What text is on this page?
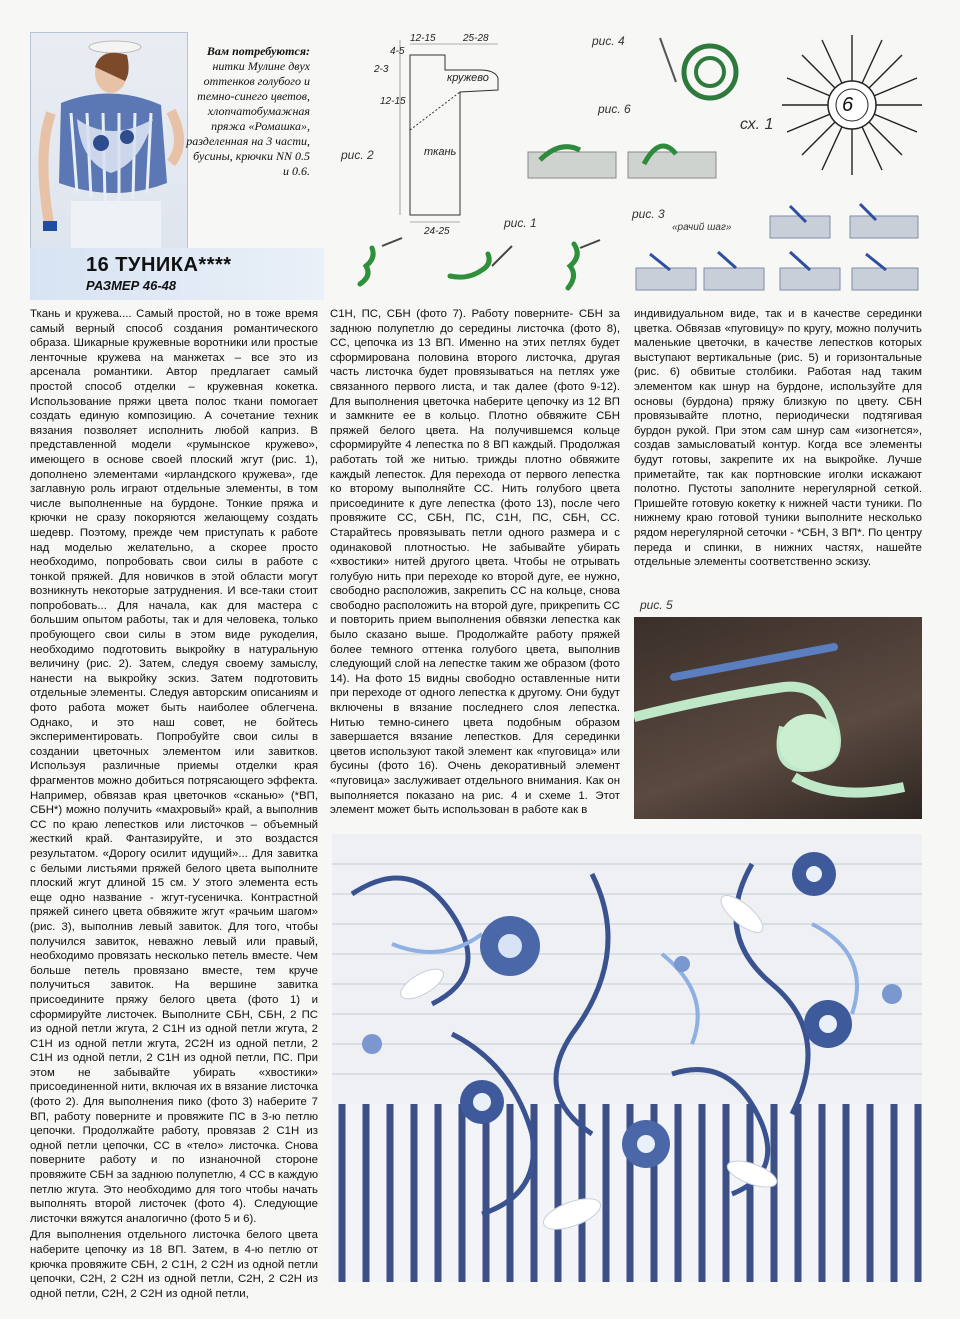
Вам потребуются:
нитки Мулине двух оттенков голубого и темно-синего цветов, хлопчатобумажная пряжа «Ромашка», разделенная на 3 части, бусины, крючки NN 0.5 и 0.6.
16 ТУНИКА****
РАЗМЕР 46-48
12-15	25-28
2-3
4-5
12-15
кружево
ткань
24-25
рис. 2
рис. 1
рис. 4
6
сх. 1
рис. 6
рис. 3
«рачий шаг»

Ткань и кружева.... Самый простой, но в тоже время самый верный способ создания романтического образа. Шикарные кружевные воротники или простые ленточные кружева на манжетах – все это из арсенала романтики. Автор предлагает самый простой способ отделки – кружевная кокетка. Использование пряжи цвета полос ткани помогает создать единую композицию. А сочетание техник вязания позволяет исполнить любой каприз. В представленной модели «румынское кружево», имеющего в основе своей плоский жгут (рис. 1), дополнено элементами «ирландского кружева», где заглавную роль играют отдельные элементы, в том числе выполненные на бурдоне. Тонкие пряжа и крючки не сразу покоряются желающему создать шедевр. Поэтому, прежде чем приступать к работе над моделью желательно, а скорее просто необходимо, попробовать свои силы в работе с тонкой пряжей. Для новичков в этой области могут возникнуть некоторые затруднения. И все-таки стоит попробовать... Для начала, как для мастера с большим опытом работы, так и для человека, только пробующего свои силы в этом виде рукоделия, необходимо подготовить выкройку в натуральную величину (рис. 2). Затем, следуя своему замыслу, нанести на выкройку эскиз. Затем подготовить отдельные элементы. Следуя авторским описаниям и фото работа может быть наиболее облегчена. Однако, и это наш совет, не бойтесь экспериментировать. Попробуйте свои силы в создании цветочных элементом или завитков. Используя различные приемы отделки края фрагментов можно добиться потрясающего эффекта. Например, обвязав края цветочков «сканью» (*ВП, СБН*) можно получить «махровый» край, а выполнив СС по краю лепестков или листочков – объемный жесткий край. Фантазируйте, и это воздастся результатом. «Дорогу осилит идущий»... Для завитка с белыми листьями пряжей белого цвета выполните плоский жгут длиной 15 см. У этого элемента есть еще одно название - жгут-гусеничка. Контрастной пряжей синего цвета обвяжите жгут «рачьим шагом» (рис. 3), выполнив левый завиток. Для того, чтобы получился завиток, неважно левый или правый, необходимо провязать несколько петель вместе. Чем больше петель провязано вместе, тем круче получиться завиток. На вершине завитка присоедините пряжу белого цвета (фото 1) и сформируйте листочек. Выполните СБН, СБН, 2 ПС из одной петли жгута, 2 С1Н из одной петли жгута, 2 С1Н из одной петли жгута, 2С2Н из одной петли, 2 С1Н из одной петли, 2 С1Н из одной петли, ПС. При этом не забывайте убирать «хвостики» присоединенной нити, включая их в вязание листочка (фото 2). Для выполнения пико (фото 3) наберите 7 ВП, работу поверните и провяжите ПС в 3-ю петлю цепочки. Продолжайте работу, провязав 2 С1Н из одной петли цепочки, СС в «тело» листочка. Снова поверните работу и по изнаночной стороне провяжите СБН за заднюю полупетлю, 4 СС в каждую петлю жгута. Это необходимо для того чтобы начать выполнять второй листочек (фото 4). Следующие листочки вяжутся аналогично (фото 5 и 6).

Для выполнения отдельного листочка белого цвета наберите цепочку из 18 ВП. Затем, в 4-ю петлю от крючка провяжите СБН, 2 С1Н, 2 С2Н из одной петли цепочки, С2Н, 2 С2Н из одной петли, С2Н, 2 С2Н из одной петли, С2Н, 2 С2Н из одной петли,

С1Н, ПС, СБН (фото 7). Работу поверните- СБН за заднюю полупетлю до середины листочка (фото 8), СС, цепочка из 13 ВП. Именно на этих петлях будет сформирована половина второго листочка, другая часть листочка будет провязываться на петлях уже связанного первого листа, и так далее (фото 9-12). Для выполнения цветочка наберите цепочку из 12 ВП и замкните ее в кольцо. Плотно обвяжите СБН пряжей белого цвета. На получившемся кольце сформируйте 4 лепестка по 8 ВП каждый. Продолжая работать той же нитью. трижды плотно обвяжите каждый лепесток. Для перехода от первого лепестка ко второму выполняйте СС. Нить голубого цвета присоедините к дуге лепестка (фото 13), после чего провяжите СС, СБН, ПС, С1Н, ПС, СБН, СС. Старайтесь провязывать петли одного размера и с одинаковой плотностью. Не забывайте убирать «хвостики» нитей другого цвета. Чтобы не отрывать голубую нить при переходе ко второй дуге, ее нужно, свободно расположив, закрепить СС на кольце, снова свободно расположить на второй дуге, прикрепить СС и повторить прием выполнения обвязки лепестка как было сказано выше. Продолжайте работу пряжей более темного оттенка голубого цвета, выполнив следующий слой на лепестке таким же образом (фото 14). На фото 15 видны свободно оставленные нити при переходе от одного лепестка к другому. Они будут включены в вязание последнего слоя лепестка. Нитью темно-синего цвета подобным образом завершается вязание лепестков. Для серединки цветов используют такой элемент как «пуговица» или бусины (фото 16). Очень декоративный элемент «пуговица» заслуживает отдельного внимания. Как он выполняется показано на рис. 4 и схеме 1. Этот элемент может быть использован в работе как в

индивидуальном виде, так и в качестве серединки цветка. Обвязав «пуговицу» по кругу, можно получить маленькие цветочки, в качестве лепестков которых выступают вертикальные (рис. 5) и горизонтальные (рис. 6) обвитые столбики. Работая над таким элементом как шнур на бурдоне, используйте для основы (бурдона) пряжу близкую по цвету. СБН провязывайте плотно, периодически подтягивая бурдон рукой. При этом сам шнур сам «изогнется», создав замысловатый контур. Когда все элементы будут готовы, закрепите их на выкройке. Лучше приметайте, так как портновские иголки искажают полотно. Пустоты заполните нерегулярной сеткой. Пришейте готовую кокетку к нижней части туники. По нижнему краю готовой туники выполните несколько рядом нерегулярной сеточки - *СБН, 3 ВП*. По центру переда и спинки, в нижних частях, нашейте отдельные элементы соответственно эскизу.

рис. 5
